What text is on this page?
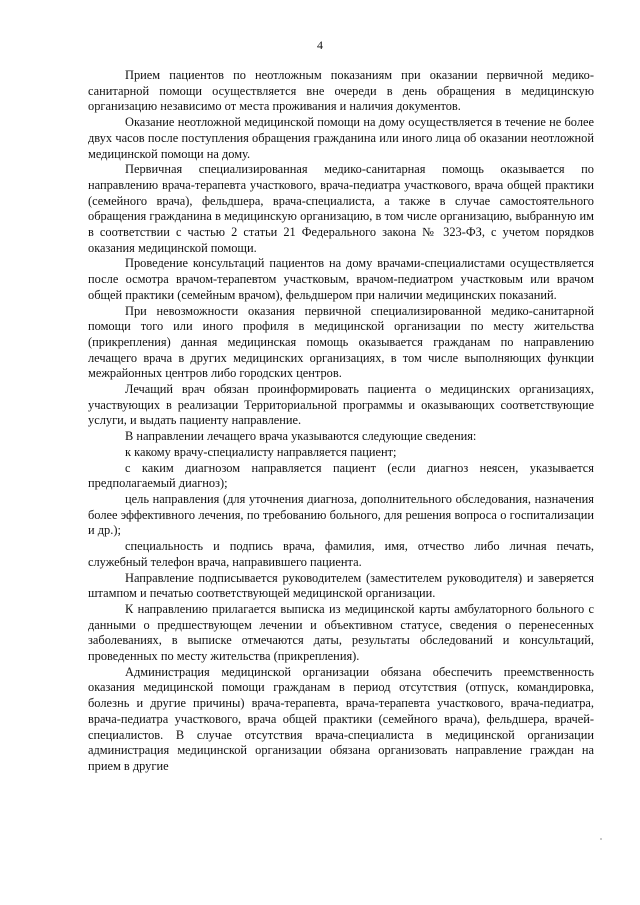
4

Прием пациентов по неотложным показаниям при оказании первичной медико-санитарной помощи осуществляется вне очереди в день обращения в медицинскую организацию независимо от места проживания и наличия документов.

Оказание неотложной медицинской помощи на дому осуществляется в течение не более двух часов после поступления обращения гражданина или иного лица об оказании неотложной медицинской помощи на дому.

Первичная специализированная медико-санитарная помощь оказывается по направлению врача-терапевта участкового, врача-педиатра участкового, врача общей практики (семейного врача), фельдшера, врача-специалиста, а также в случае самостоятельного обращения гражданина в медицинскую организацию, в том числе организацию, выбранную им в соответствии с частью 2 статьи 21 Федерального закона № 323-ФЗ, с учетом порядков оказания медицинской помощи.

Проведение консультаций пациентов на дому врачами-специалистами осуществляется после осмотра врачом-терапевтом участковым, врачом-педиатром участковым или врачом общей практики (семейным врачом), фельдшером при наличии медицинских показаний.

При невозможности оказания первичной специализированной медико-санитарной помощи того или иного профиля в медицинской организации по месту жительства (прикрепления) данная медицинская помощь оказывается гражданам по направлению лечащего врача в других медицинских организациях, в том числе выполняющих функции межрайонных центров либо городских центров.

Лечащий врач обязан проинформировать пациента о медицинских организациях, участвующих в реализации Территориальной программы и оказывающих соответствующие услуги, и выдать пациенту направление.

В направлении лечащего врача указываются следующие сведения:

к какому врачу-специалисту направляется пациент;

с каким диагнозом направляется пациент (если диагноз неясен, указывается предполагаемый диагноз);

цель направления (для уточнения диагноза, дополнительного обследования, назначения более эффективного лечения, по требованию больного, для решения вопроса о госпитализации и др.);

специальность и подпись врача, фамилия, имя, отчество либо личная печать, служебный телефон врача, направившего пациента.

Направление подписывается руководителем (заместителем руководителя) и заверяется штампом и печатью соответствующей медицинской организации.

К направлению прилагается выписка из медицинской карты амбулаторного больного с данными о предшествующем лечении и объективном статусе, сведения о перенесенных заболеваниях, в выписке отмечаются даты, результаты обследований и консультаций, проведенных по месту жительства (прикрепления).

Администрация медицинской организации обязана обеспечить преемственность оказания медицинской помощи гражданам в период отсутствия (отпуск, командировка, болезнь и другие причины) врача-терапевта, врача-терапевта участкового, врача-педиатра, врача-педиатра участкового, врача общей практики (семейного врача), фельдшера, врачей-специалистов. В случае отсутствия врача-специалиста в медицинской организации администрация медицинской организации обязана организовать направление граждан на прием в другие
